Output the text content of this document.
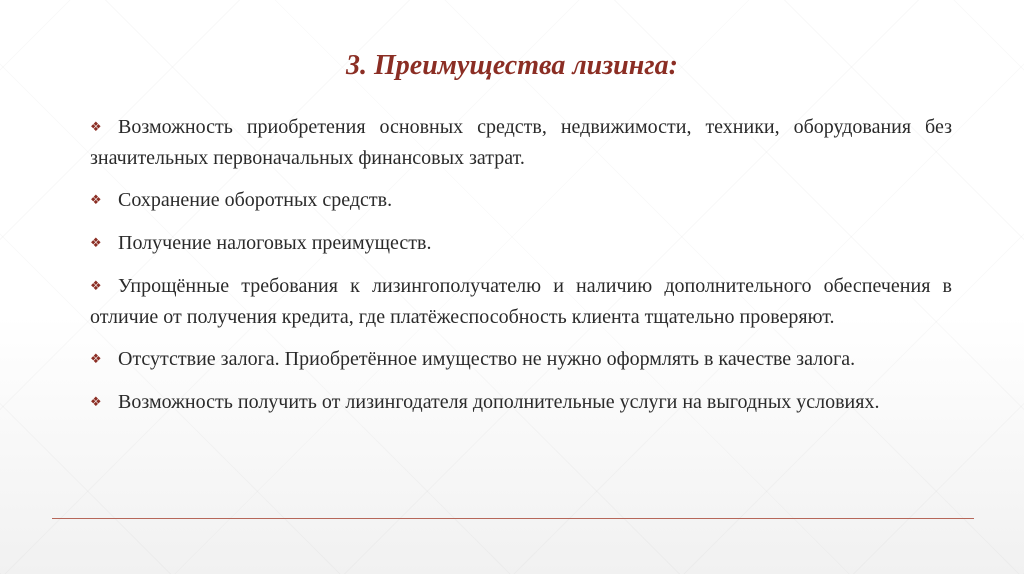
3. Преимущества лизинга:
❖ Возможность приобретения основных средств, недвижимости, техники, оборудования без значительных первоначальных финансовых затрат.
❖ Сохранение оборотных средств.
❖ Получение налоговых преимуществ.
❖ Упрощённые требования к лизингополучателю и наличию дополнительного обеспечения в отличие от получения кредита, где платёжеспособность клиента тщательно проверяют.
❖ Отсутствие залога. Приобретённое имущество не нужно оформлять в качестве залога.
❖ Возможность получить от лизингодателя дополнительные услуги на выгодных условиях.
